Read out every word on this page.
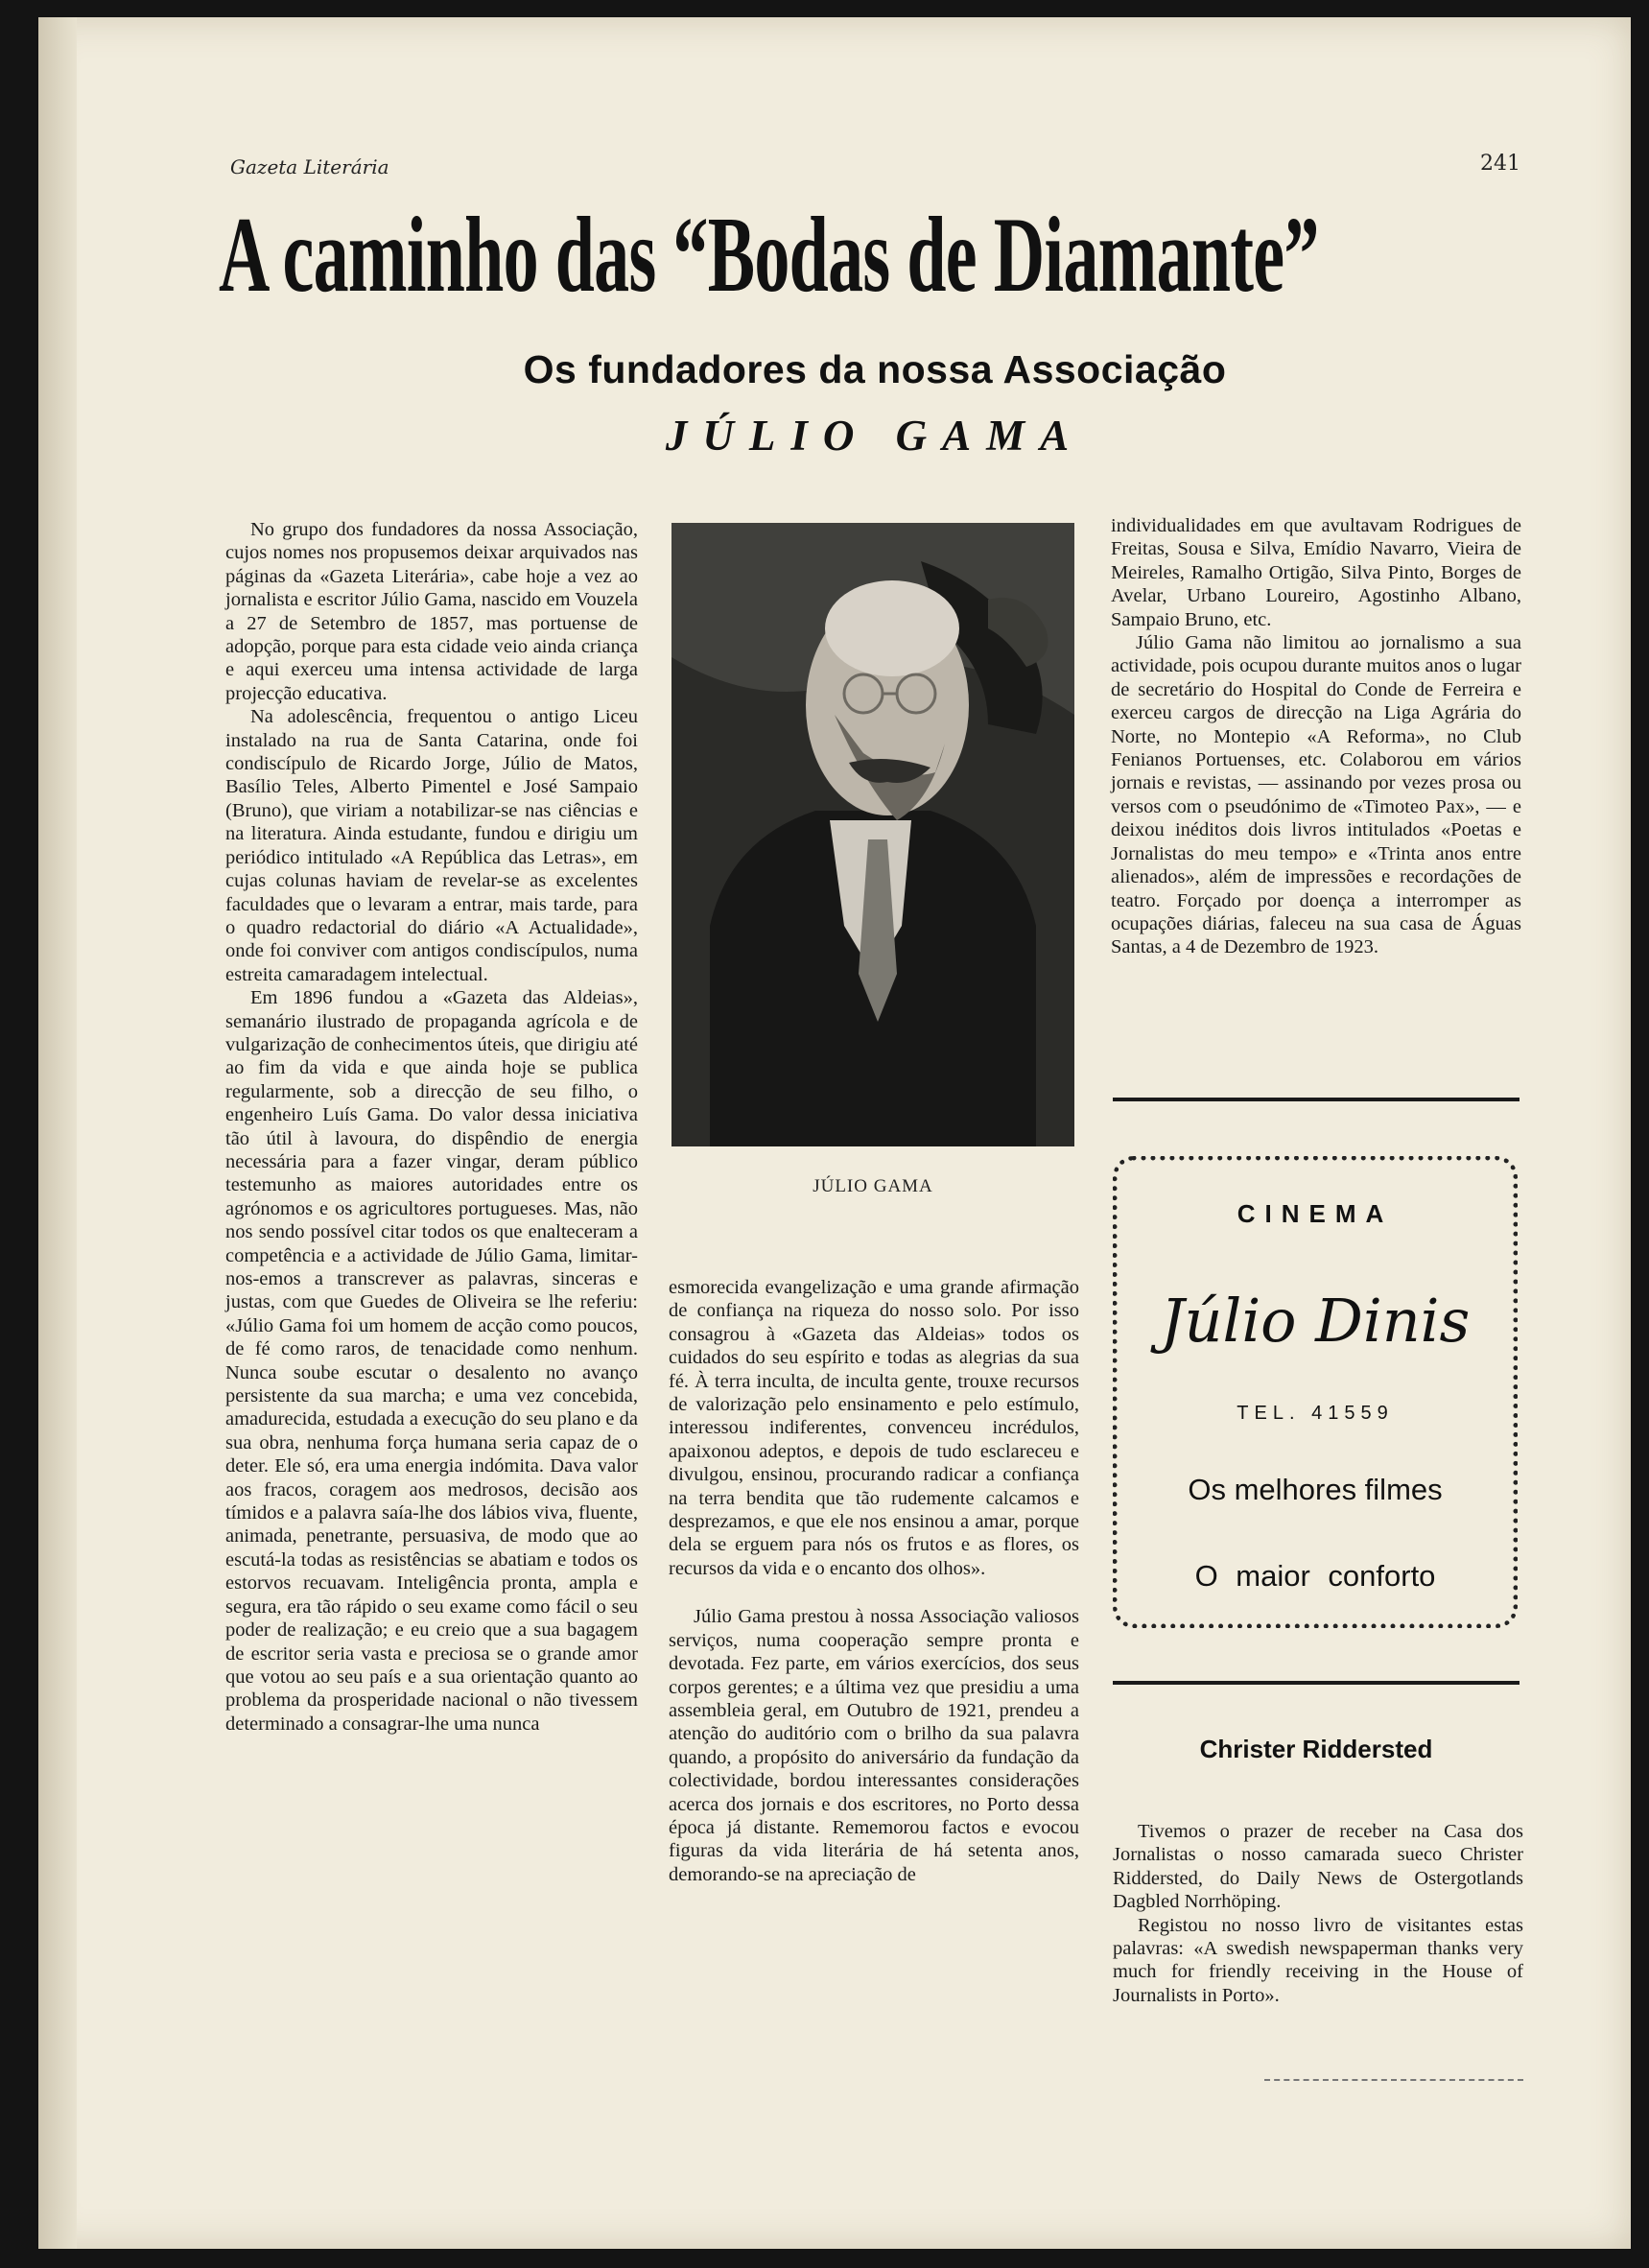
Gazeta Literária	241
A caminho das “Bodas de Diamante”
Os fundadores da nossa Associação
JÚLIO GAMA

No grupo dos fundadores da nossa Associação, cujos nomes nos propusemos deixar arquivados nas páginas da «Gazeta Literária», cabe hoje a vez ao jornalista e escritor Júlio Gama, nascido em Vouzela a 27 de Setembro de 1857, mas portuense de adopção, porque para esta cidade veio ainda criança e aqui exerceu uma intensa actividade de larga projecção educativa.

Na adolescência, frequentou o antigo Liceu instalado na rua de Santa Catarina, onde foi condiscípulo de Ricardo Jorge, Júlio de Matos, Basílio Teles, Alberto Pimentel e José Sampaio (Bruno), que viriam a notabilizar-se nas ciências e na literatura. Ainda estudante, fundou e dirigiu um periódico intitulado «A República das Letras», em cujas colunas haviam de revelar-se as excelentes faculdades que o levaram a entrar, mais tarde, para o quadro redactorial do diário «A Actualidade», onde foi conviver com antigos condiscípulos, numa estreita camaradagem intelectual.

Em 1896 fundou a «Gazeta das Aldeias», semanário ilustrado de propaganda agrícola e de vulgarização de conhecimentos úteis, que dirigiu até ao fim da vida e que ainda hoje se publica regularmente, sob a direcção de seu filho, o engenheiro Luís Gama. Do valor dessa iniciativa tão útil à lavoura, do dispêndio de energia necessária para a fazer vingar, deram público testemunho as maiores autoridades entre os agrónomos e os agricultores portugueses. Mas, não nos sendo possível citar todos os que enalteceram a competência e a actividade de Júlio Gama, limitar-nos-emos a transcrever as palavras, sinceras e justas, com que Guedes de Oliveira se lhe referiu: «Júlio Gama foi um homem de acção como poucos, de fé como raros, de tenacidade como nenhum. Nunca soube escutar o desalento no avanço persistente da sua marcha; e uma vez concebida, amadurecida, estudada a execução do seu plano e da sua obra, nenhuma força humana seria capaz de o deter. Ele só, era uma energia indómita. Dava valor aos fracos, coragem aos medrosos, decisão aos tímidos e a palavra saía-lhe dos lábios viva, fluente, animada, penetrante, persuasiva, de modo que ao escutá-la todas as resistências se abatiam e todos os estorvos recuavam. Inteligência pronta, ampla e segura, era tão rápido o seu exame como fácil o seu poder de realização; e eu creio que a sua bagagem de escritor seria vasta e preciosa se o grande amor que votou ao seu país e a sua orientação quanto ao problema da prosperidade nacional o não tivessem determinado a consagrar-lhe uma nunca

JÚLIO GAMA

esmorecida evangelização e uma grande afirmação de confiança na riqueza do nosso solo. Por isso consagrou à «Gazeta das Aldeias» todos os cuidados do seu espírito e todas as alegrias da sua fé. À terra inculta, de inculta gente, trouxe recursos de valorização pelo ensinamento e pelo estímulo, interessou indiferentes, convenceu incrédulos, apaixonou adeptos, e depois de tudo esclareceu e divulgou, ensinou, procurando radicar a confiança na terra bendita que tão rudemente calcamos e desprezamos, e que ele nos ensinou a amar, porque dela se erguem para nós os frutos e as flores, os recursos da vida e o encanto dos olhos».

Júlio Gama prestou à nossa Associação valiosos serviços, numa cooperação sempre pronta e devotada. Fez parte, em vários exercícios, dos seus corpos gerentes; e a última vez que presidiu a uma assembleia geral, em Outubro de 1921, prendeu a atenção do auditório com o brilho da sua palavra quando, a propósito do aniversário da fundação da colectividade, bordou interessantes considerações acerca dos jornais e dos escritores, no Porto dessa época já distante. Rememorou factos e evocou figuras da vida literária de há setenta anos, demorando-se na apreciação de

individualidades em que avultavam Rodrigues de Freitas, Sousa e Silva, Emídio Navarro, Vieira de Meireles, Ramalho Ortigão, Silva Pinto, Borges de Avelar, Urbano Loureiro, Agostinho Albano, Sampaio Bruno, etc.

Júlio Gama não limitou ao jornalismo a sua actividade, pois ocupou durante muitos anos o lugar de secretário do Hospital do Conde de Ferreira e exerceu cargos de direcção na Liga Agrária do Norte, no Montepio «A Reforma», no Club Fenianos Portuenses, etc. Colaborou em vários jornais e revistas, — assinando por vezes prosa ou versos com o pseudónimo de «Timoteo Pax», — e deixou inéditos dois livros intitulados «Poetas e Jornalistas do meu tempo» e «Trinta anos entre alienados», além de impressões e recordações de teatro. Forçado por doença a interromper as ocupações diárias, faleceu na sua casa de Águas Santas, a 4 de Dezembro de 1923.

CINEMA
Júlio Dinis
TEL. 41559
Os melhores filmes
O maior conforto
Christer Riddersted

Tivemos o prazer de receber na Casa dos Jornalistas o nosso camarada sueco Christer Riddersted, do Daily News de Ostergotlands Dagbled Norrhöping.

Registou no nosso livro de visitantes estas palavras: «A swedish newspaperman thanks very much for friendly receiving in the House of Journalists in Porto».
